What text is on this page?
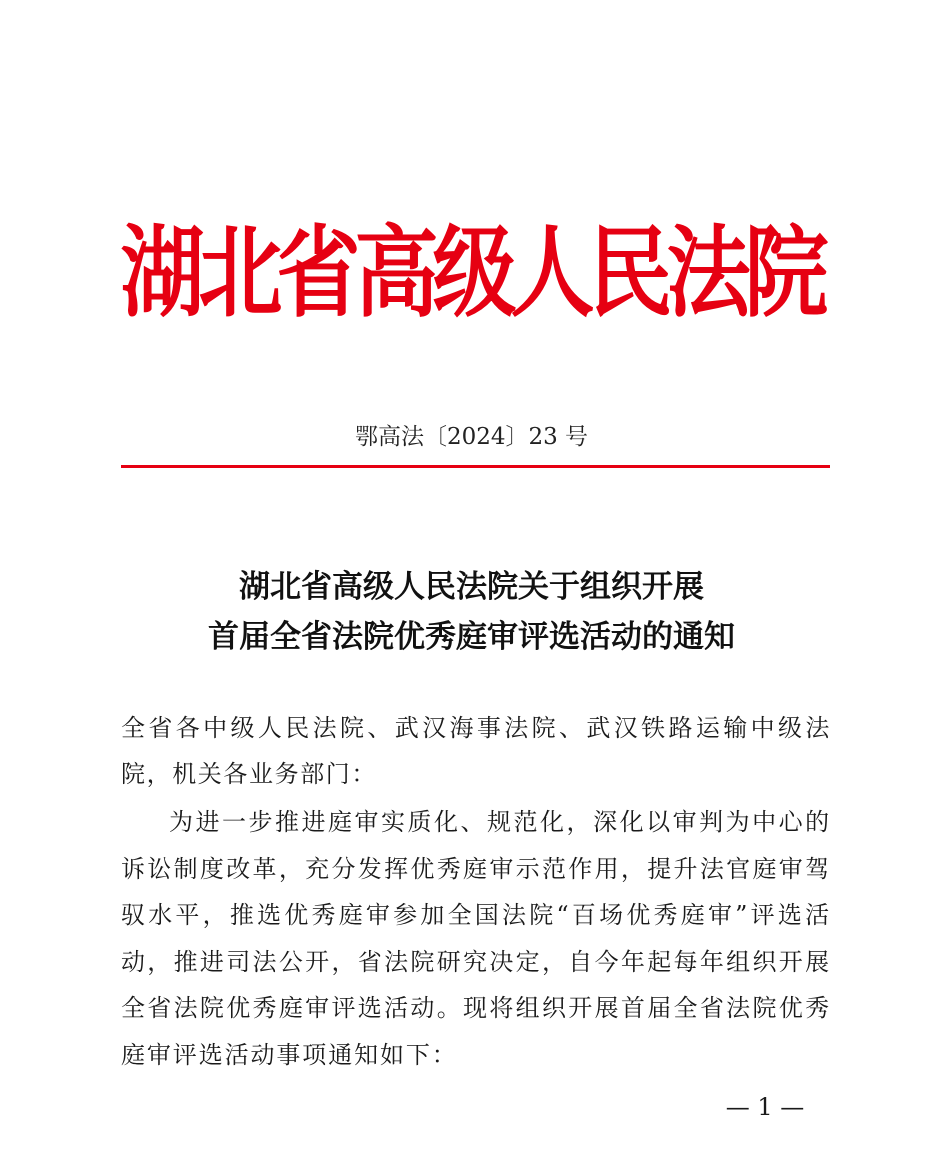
湖北省高级人民法院
鄂高法〔2024〕23 号
湖北省高级人民法院关于组织开展
首届全省法院优秀庭审评选活动的通知
全省各中级人民法院、武汉海事法院、武汉铁路运输中级法院，机关各业务部门：

为进一步推进庭审实质化、规范化，深化以审判为中心的诉讼制度改革，充分发挥优秀庭审示范作用，提升法官庭审驾驭水平，推选优秀庭审参加全国法院“百场优秀庭审”评选活动，推进司法公开，省法院研究决定，自今年起每年组织开展全省法院优秀庭审评选活动。现将组织开展首届全省法院优秀庭审评选活动事项通知如下：

— 1 —
